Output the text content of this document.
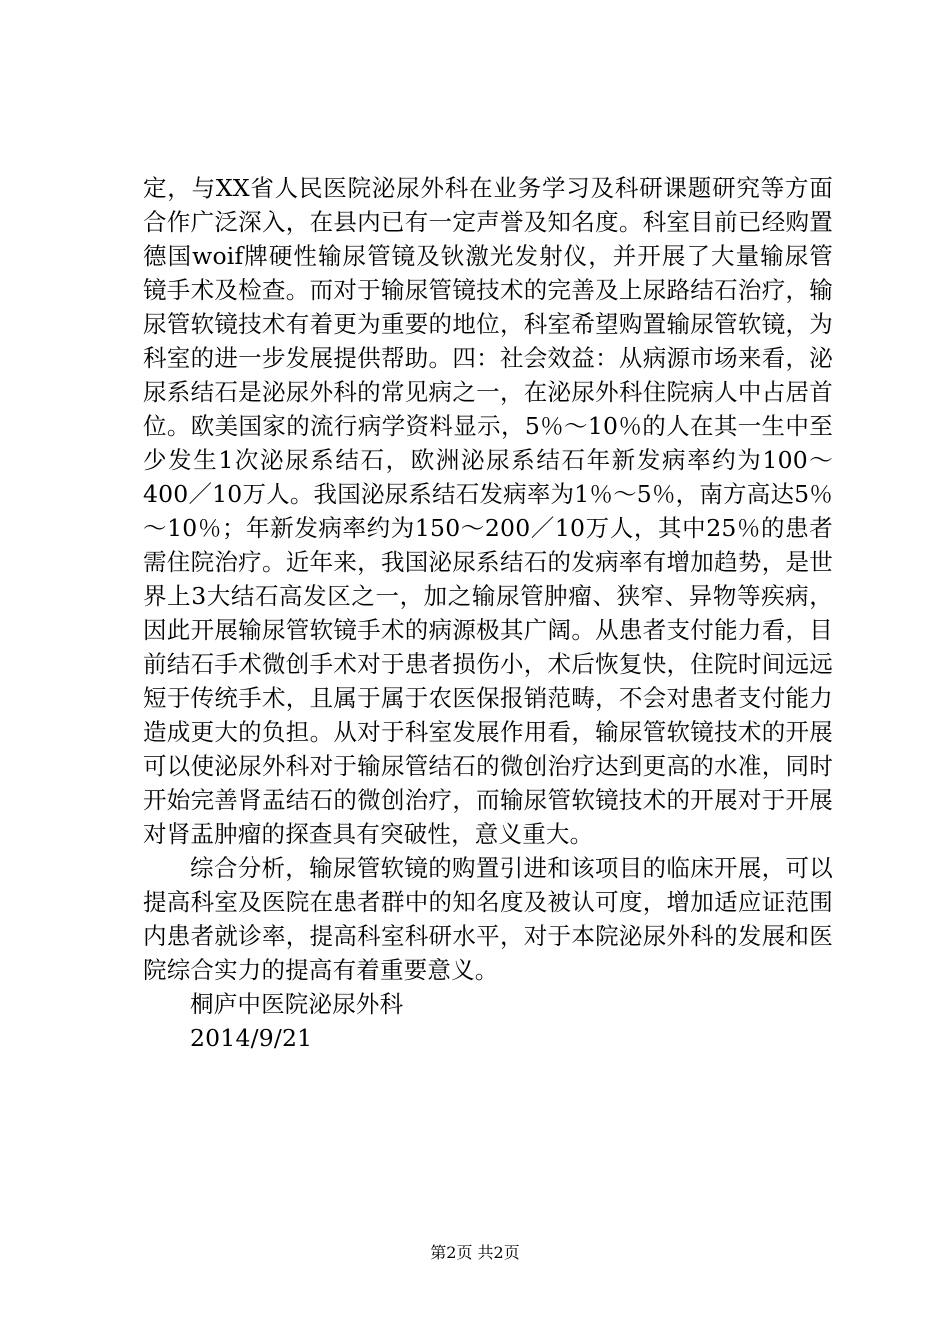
定，与XX省人民医院泌尿外科在业务学习及科研课题研究等方面合作广泛深入，在县内已有一定声誉及知名度。科室目前已经购置德国woif牌硬性输尿管镜及钬激光发射仪，并开展了大量输尿管镜手术及检查。而对于输尿管镜技术的完善及上尿路结石治疗，输尿管软镜技术有着更为重要的地位，科室希望购置输尿管软镜，为科室的进一步发展提供帮助。四：社会效益：从病源市场来看，泌尿系结石是泌尿外科的常见病之一，在泌尿外科住院病人中占居首位。欧美国家的流行病学资料显示，5％～10％的人在其一生中至少发生1次泌尿系结石，欧洲泌尿系结石年新发病率约为100～400／10万人。我国泌尿系结石发病率为1％～5％，南方高达5％～10％；年新发病率约为150～200／10万人，其中25％的患者需住院治疗。近年来，我国泌尿系结石的发病率有增加趋势，是世界上3大结石高发区之一，加之输尿管肿瘤、狭窄、异物等疾病，因此开展输尿管软镜手术的病源极其广阔。从患者支付能力看，目前结石手术微创手术对于患者损伤小，术后恢复快，住院时间远远短于传统手术，且属于属于农医保报销范畴，不会对患者支付能力造成更大的负担。从对于科室发展作用看，输尿管软镜技术的开展可以使泌尿外科对于输尿管结石的微创治疗达到更高的水准，同时开始完善肾盂结石的微创治疗，而输尿管软镜技术的开展对于开展对肾盂肿瘤的探查具有突破性，意义重大。

综合分析，输尿管软镜的购置引进和该项目的临床开展，可以提高科室及医院在患者群中的知名度及被认可度，增加适应证范围内患者就诊率，提高科室科研水平，对于本院泌尿外科的发展和医院综合实力的提高有着重要意义。

桐庐中医院泌尿外科

2014/9/21

第2页 共2页
